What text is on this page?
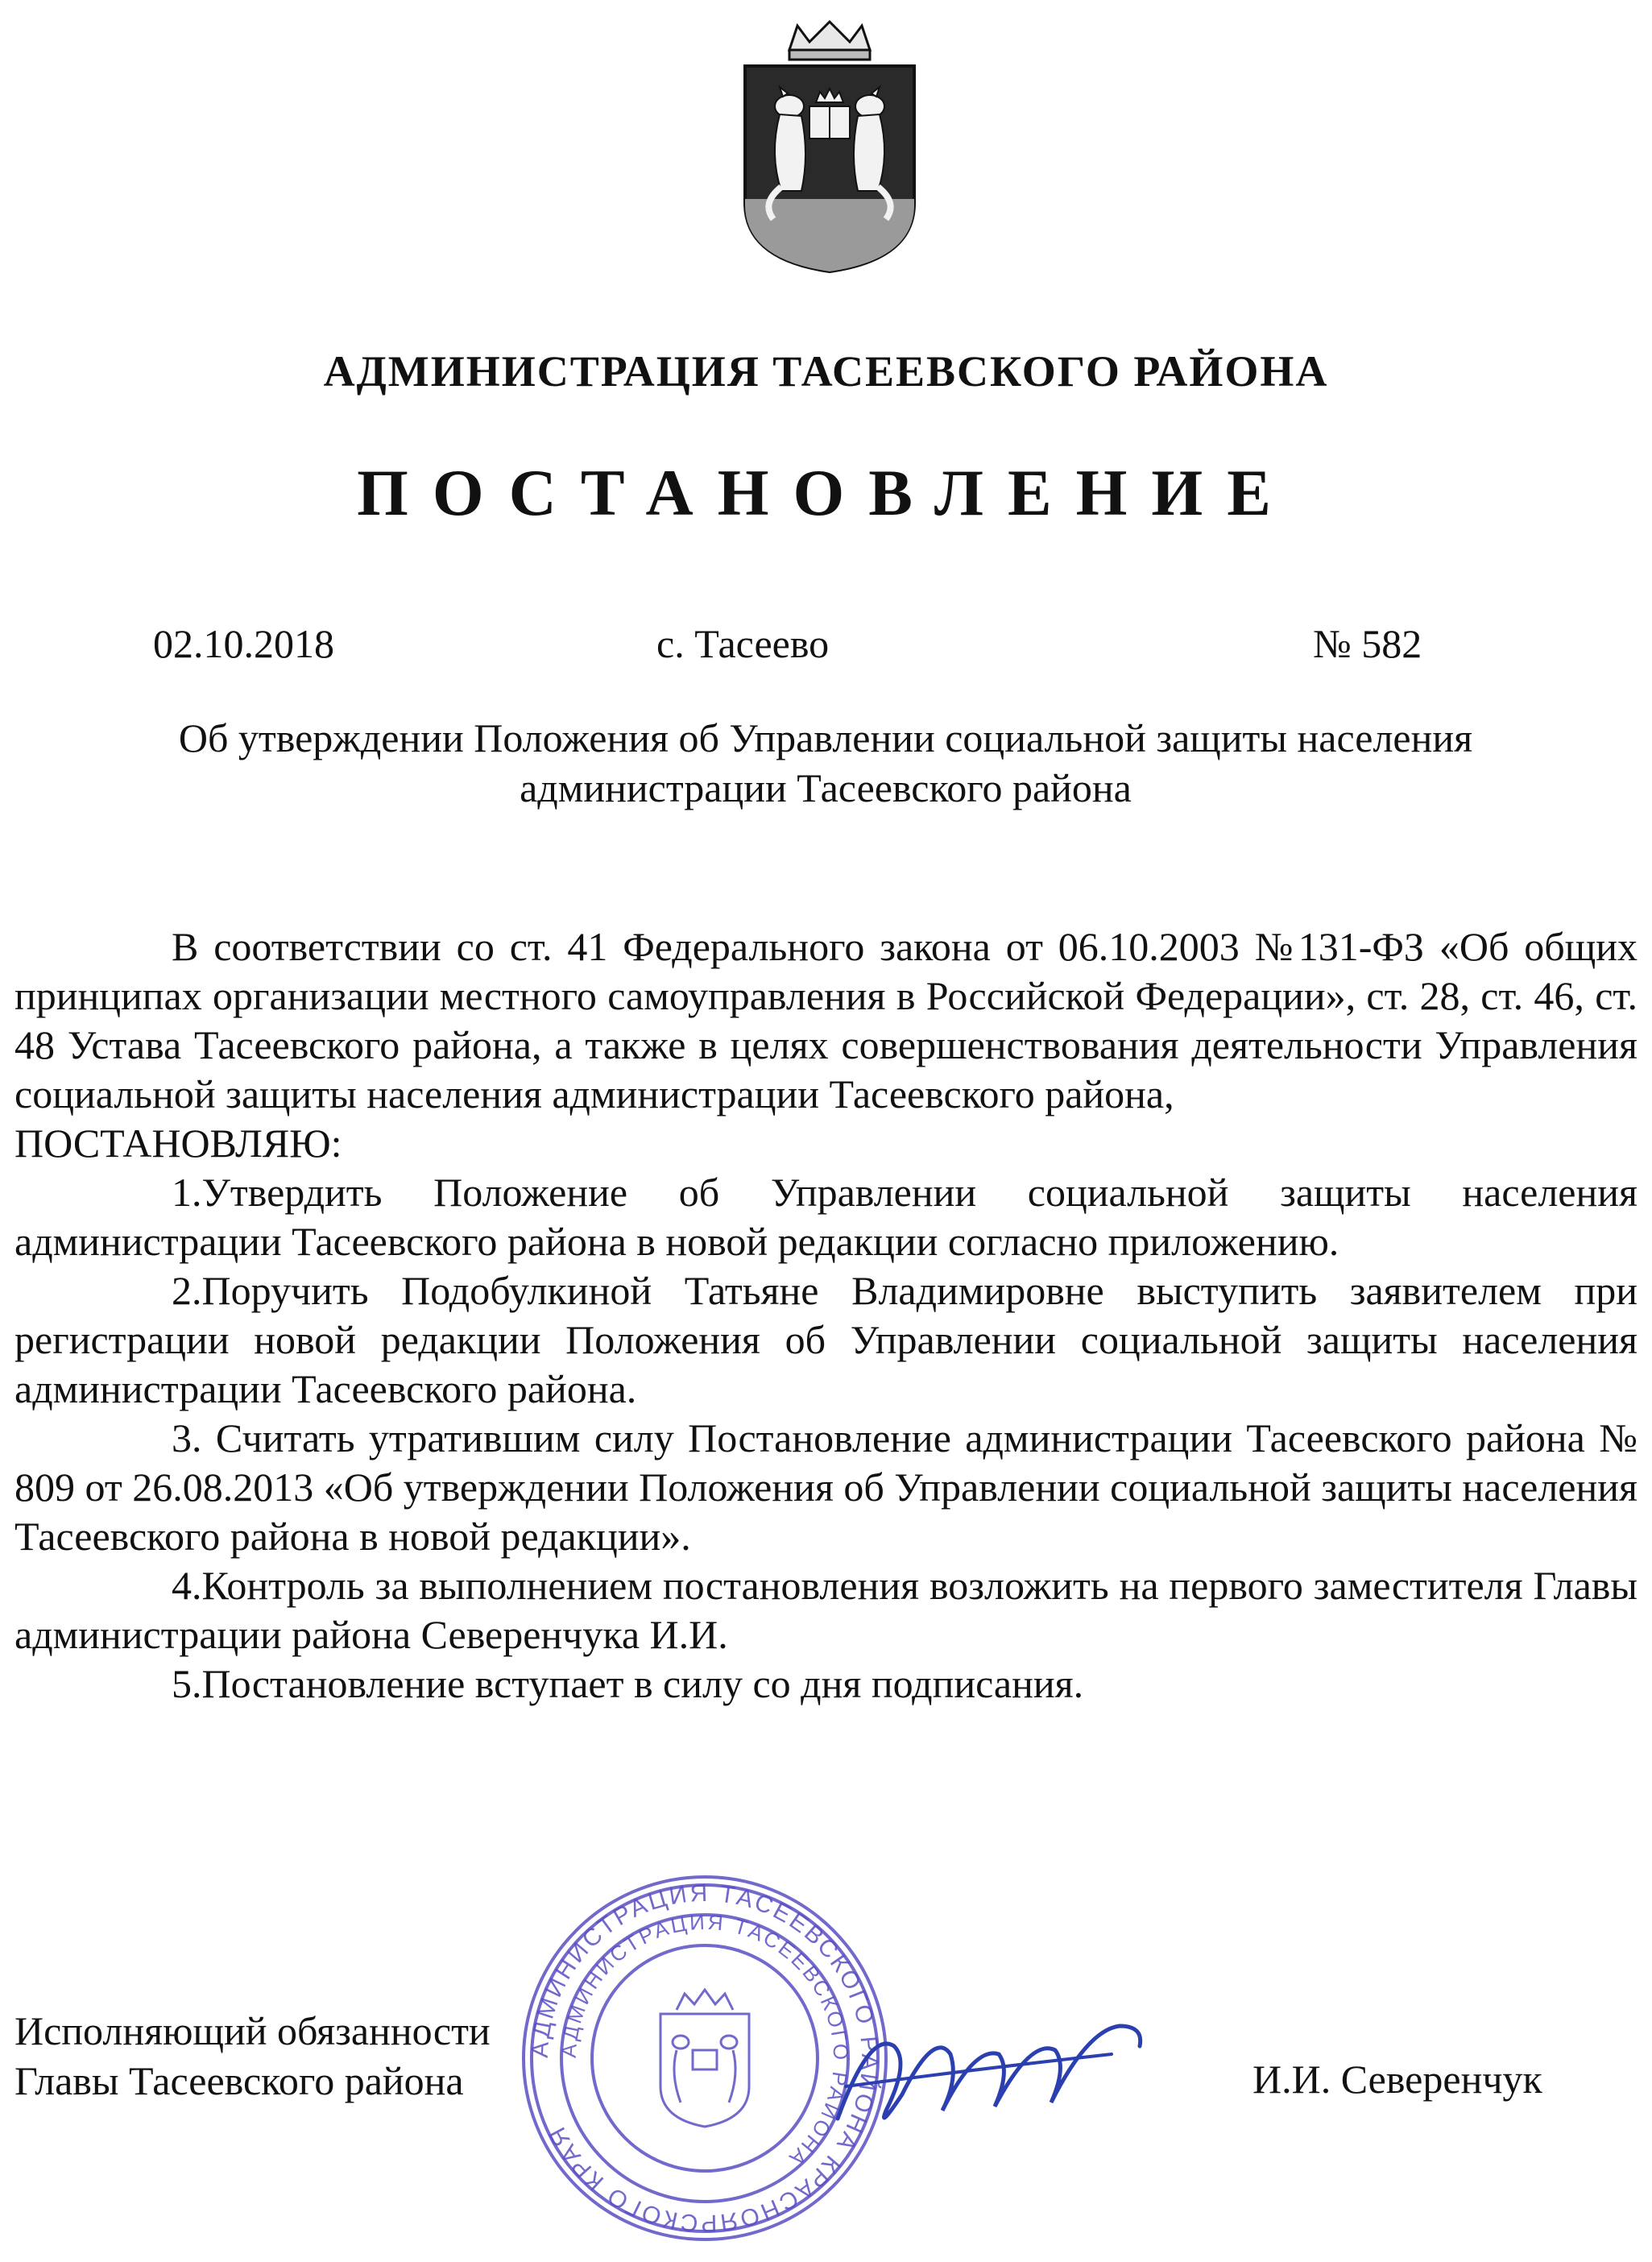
АДМИНИСТРАЦИЯ ТАСЕЕВСКОГО РАЙОНА
ПОСТАНОВЛЕНИЕ
02.10.2018	с. Тасеево	№ 582
Об утверждении Положения об Управлении социальной защиты населения
администрации Тасеевского района

В соответствии со ст. 41 Федерального закона от 06.10.2003 №131-ФЗ «Об общих принципах организации местного самоуправления в Российской Федерации», ст. 28, ст. 46, ст. 48 Устава Тасеевского района, а также в целях совершенствования деятельности Управления социальной защиты населения администрации Тасеевского района,

ПОСТАНОВЛЯЮ:

1.Утвердить Положение об Управлении социальной защиты населения администрации Тасеевского района в новой редакции согласно приложению.

2.Поручить Подобулкиной Татьяне Владимировне выступить заявителем при регистрации новой редакции Положения об Управлении социальной защиты населения администрации Тасеевского района.

3. Считать утратившим силу Постановление администрации Тасеевского района № 809 от 26.08.2013 «Об утверждении Положения об Управлении социальной защиты населения Тасеевского района в новой редакции».

4.Контроль за выполнением постановления возложить на первого заместителя Главы администрации района Северенчука И.И.

5.Постановление вступает в силу со дня подписания.

Исполняющий обязанности
Главы Тасеевского района	И.И. Северенчук
АДМИНИСТРАЦИЯ ТАСЕЕВСКОГО РАЙОНА КРАСНОЯРСКОГО КРАЯ
АДМИНИСТРАЦИЯ ТАСЕЕВСКОГО РАЙОНА
